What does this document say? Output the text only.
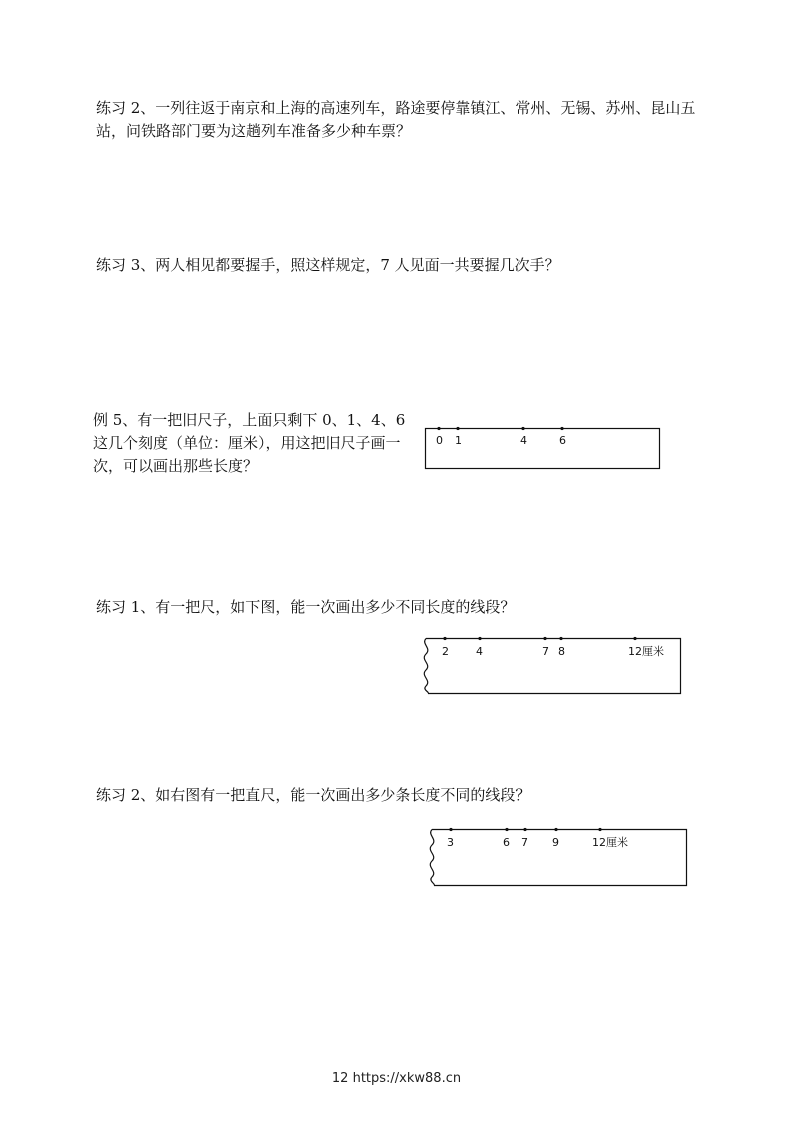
练习 2、一列往返于南京和上海的高速列车，路途要停靠镇江、常州、无锡、苏州、昆山五站，问铁路部门要为这趟列车准备多少种车票？

练习 3、两人相见都要握手，照这样规定，7 人见面一共要握几次手？

例 5、有一把旧尺子，上面只剩下 0、1、4、6 这几个刻度（单位：厘米），用这把旧尺子画一次，可以画出那些长度？

0 1	4	6

练习 1、有一把尺，如下图，能一次画出多少不同长度的线段？

2 4	7 8	12厘米

练习 2、如右图有一把直尺，能一次画出多少条长度不同的线段？

3	6 7 9	12厘米
12 https://xkw88.cn
